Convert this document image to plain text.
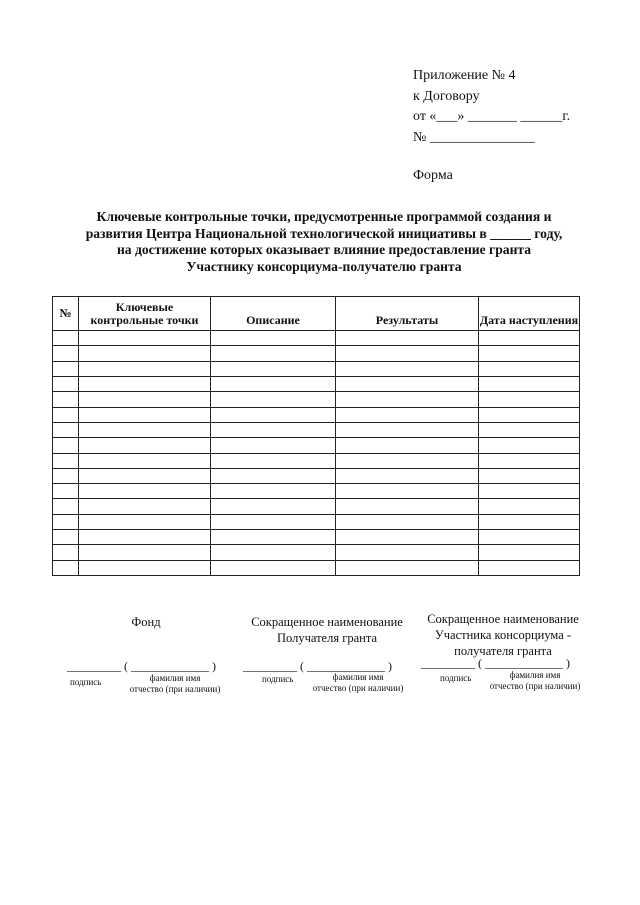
Приложение № 4
к Договору
от «___» _______ ______г.
№ _______________
Форма
Ключевые контрольные точки, предусмотренные программой создания и
развития Центра Национальной технологической инициативы в ______ году,
на достижение которых оказывает влияние предоставление гранта
Участнику консорциума-получателю гранта
№	Ключевые контрольные точки	Описание	Результаты	Дата наступления

Фонд	Сокращенное наименование Получателя гранта
Сокращенное наименование Участника консорциума - получателя гранта
_________ ( _____________ ) _________ ( _____________ ) _________ ( _____________ )
подпись	фамилия имя
отчество (при наличии)
подпись	фамилия имя
отчество (при наличии)
подпись	фамилия имя
отчество (при наличии)
